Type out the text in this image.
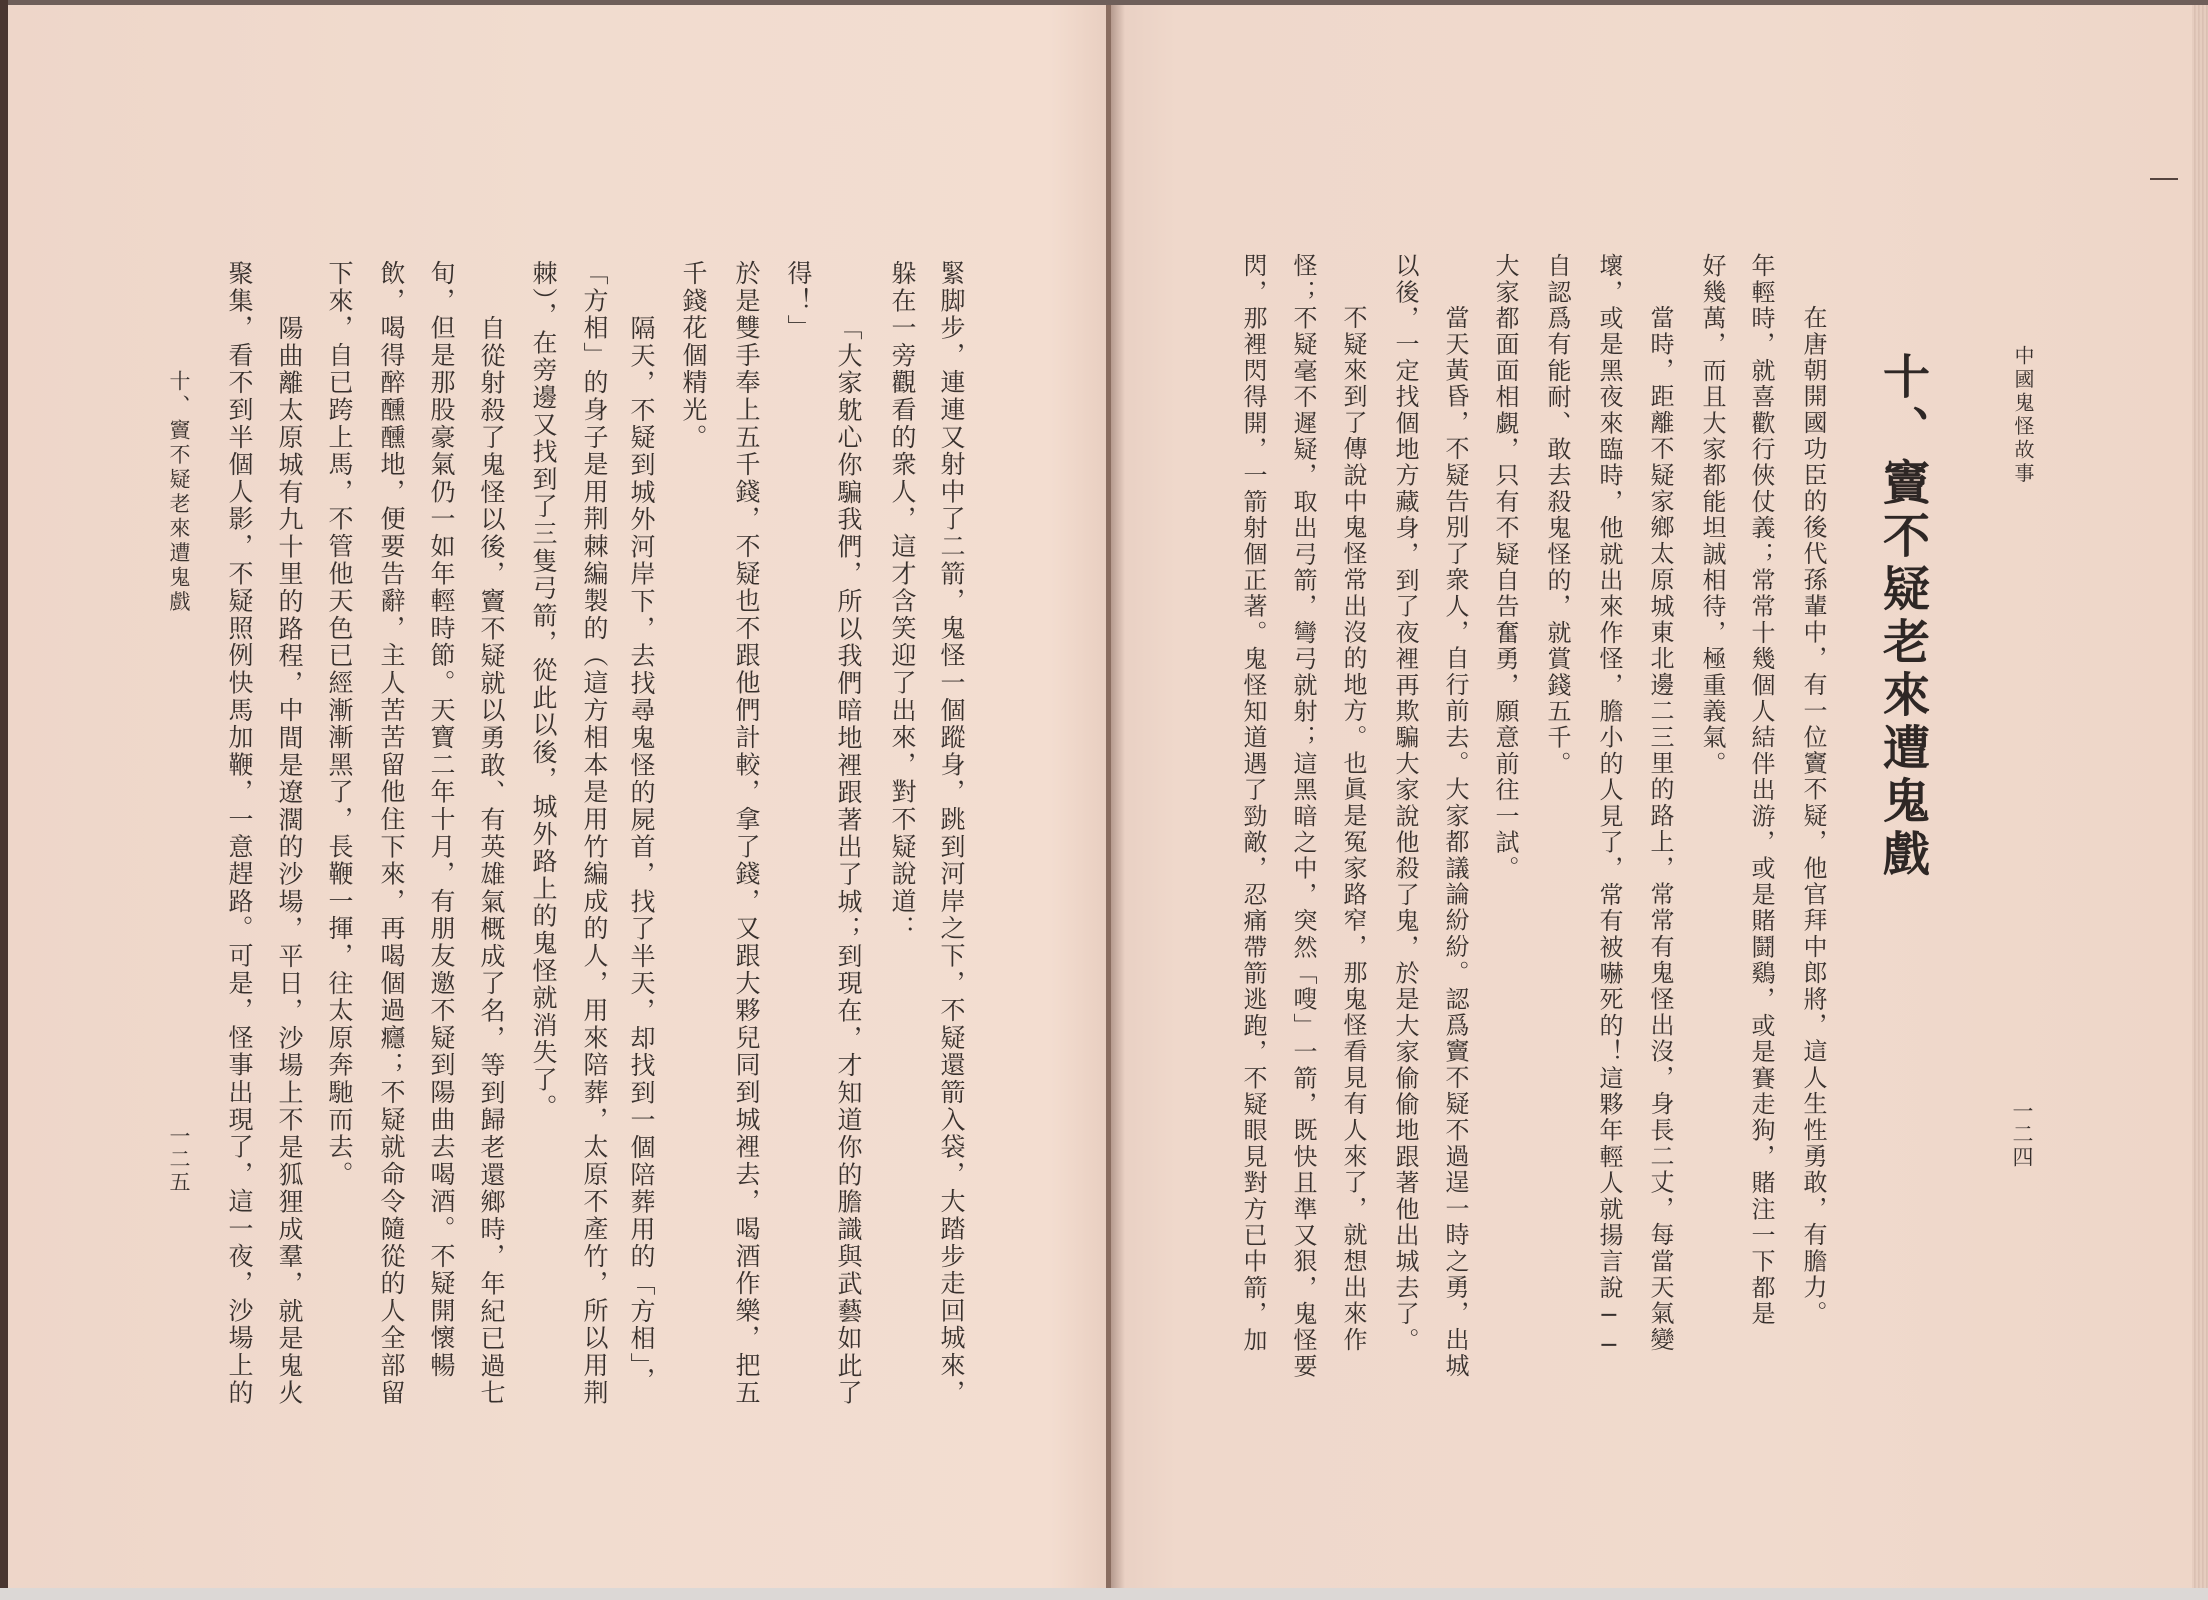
中國鬼怪故事
十、竇不疑老來遭鬼戲
一二四
在唐朝開國功臣的後代孫輩中，有一位竇不疑，他官拜中郎將，這人生性勇敢，有膽力。
年輕時，就喜歡行俠仗義；常常十幾個人結伴出游，或是賭鬪鷄，或是賽走狗，賭注一下都是
好幾萬，而且大家都能坦誠相待，極重義氣。
當時，距離不疑家鄉太原城東北邊二三里的路上，常常有鬼怪出沒，身長二丈，每當天氣變
壞，或是黑夜來臨時，他就出來作怪，膽小的人見了，常有被嚇死的！這夥年輕人就揚言說──
自認爲有能耐、敢去殺鬼怪的，就賞錢五千。
大家都面面相覷，只有不疑自告奮勇，願意前往一試。
當天黃昏，不疑告別了衆人，自行前去。大家都議論紛紛。認爲竇不疑不過逞一時之勇，出城
以後，一定找個地方藏身，到了夜裡再欺騙大家說他殺了鬼，於是大家偷偷地跟著他出城去了。
不疑來到了傳說中鬼怪常出沒的地方。也眞是冤家路窄，那鬼怪看見有人來了，就想出來作
怪；不疑毫不遲疑，取出弓箭，彎弓就射；這黑暗之中，突然「嗖」一箭，既快且準又狠，鬼怪要
閃，那裡閃得開，一箭射個正著。鬼怪知道遇了勁敵，忍痛帶箭逃跑，不疑眼見對方已中箭，加
緊脚步，連連又射中了二箭，鬼怪一個蹤身，跳到河岸之下，不疑還箭入袋，大踏步走回城來，
躲在一旁觀看的衆人，這才含笑迎了出來，對不疑說道：
「大家躭心你騙我們，所以我們暗地裡跟著出了城；到現在，才知道你的膽識與武藝如此了
得！」
於是雙手奉上五千錢，不疑也不跟他們計較，拿了錢，又跟大夥兒同到城裡去，喝酒作樂，把五
千錢花個精光。
隔天，不疑到城外河岸下，去找尋鬼怪的屍首，找了半天，却找到一個陪葬用的「方相」，
「方相」的身子是用荆棘編製的（這方相本是用竹編成的人，用來陪葬，太原不產竹，所以用荆
棘），在旁邊又找到了三隻弓箭，從此以後，城外路上的鬼怪就消失了。
自從射殺了鬼怪以後，竇不疑就以勇敢、有英雄氣概成了名，等到歸老還鄉時，年紀已過七
旬，但是那股豪氣仍一如年輕時節。天寶二年十月，有朋友邀不疑到陽曲去喝酒。不疑開懷暢
飲，喝得醉醺醺地，便要告辭，主人苦苦留他住下來，再喝個過癮；不疑就命令隨從的人全部留
下來，自已跨上馬，不管他天色已經漸漸黑了，長鞭一揮，往太原奔馳而去。
陽曲離太原城有九十里的路程，中間是遼濶的沙場，平日，沙場上不是狐狸成羣，就是鬼火
聚集，看不到半個人影，不疑照例快馬加鞭，一意趕路。可是，怪事出現了，這一夜，沙場上的
十、竇不疑老來遭鬼戲
一二五
